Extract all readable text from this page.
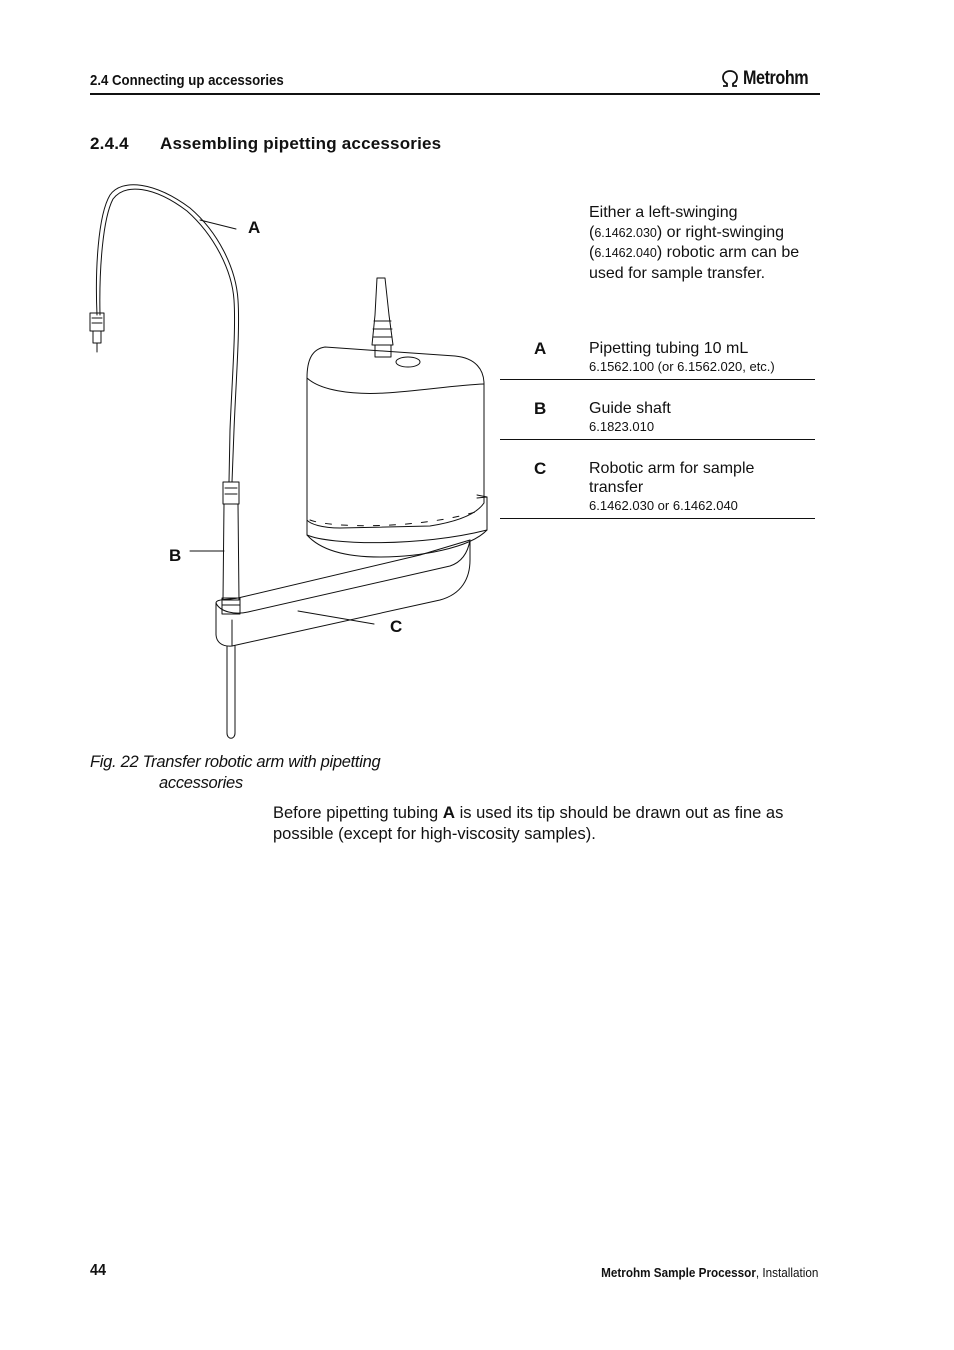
2.4 Connecting up accessories	Metrohm
2.4.4 Assembling pipetting accessories
A
B
C
Either a left-swinging
(6.1462.030) or right-swinging
(6.1462.040) robotic arm can be used for sample transfer.
A	Pipetting tubing 10 mL
6.1562.100 (or 6.1562.020, etc.)
B	Guide shaft
6.1823.010
C	Robotic arm for sample transfer
6.1462.030 or 6.1462.040
Fig. 22 Transfer robotic arm with pipetting
accessories
Before pipetting tubing A is used its tip should be drawn out as fine as possible (except for high-viscosity samples).
44	Metrohm Sample Processor, Installation
